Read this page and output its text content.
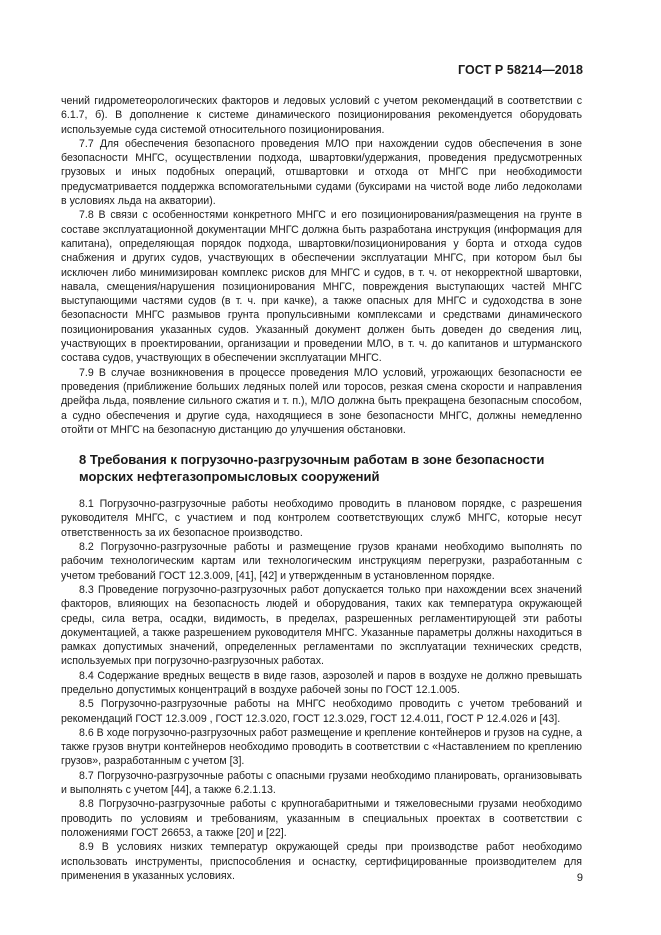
ГОСТ Р 58214—2018

чений гидрометеорологических факторов и ледовых условий с учетом рекомендаций в соответствии с 6.1.7, б). В дополнение к системе динамического позиционирования рекомендуется оборудовать используемые суда системой относительного позиционирования.

7.7 Для обеспечения безопасного проведения МЛО при нахождении судов обеспечения в зоне безопасности МНГС, осуществлении подхода, швартовки/удержания, проведения предусмотренных грузовых и иных подобных операций, отшвартовки и отхода от МНГС при необходимости предусматривается поддержка вспомогательными судами (буксирами на чистой воде либо ледоколами в условиях льда на акватории).

7.8 В связи с особенностями конкретного МНГС и его позиционирования/размещения на грунте в составе эксплуатационной документации МНГС должна быть разработана инструкция (информация для капитана), определяющая порядок подхода, швартовки/позиционирования у борта и отхода судов снабжения и других судов, участвующих в обеспечении эксплуатации МНГС, при котором был бы исключен либо минимизирован комплекс рисков для МНГС и судов, в т. ч. от некорректной швартовки, навала, смещения/нарушения позиционирования МНГС, повреждения выступающих частей МНГС выступающими частями судов (в т. ч. при качке), а также опасных для МНГС и судоходства в зоне безопасности МНГС размывов грунта пропульсивными комплексами и средствами динамического позиционирования указанных судов. Указанный документ должен быть доведен до сведения лиц, участвующих в проектировании, организации и проведении МЛО, в т. ч. до капитанов и штурманского состава судов, участвующих в обеспечении эксплуатации МНГС.

7.9 В случае возникновения в процессе проведения МЛО условий, угрожающих безопасности ее проведения (приближение больших ледяных полей или торосов, резкая смена скорости и направления дрейфа льда, появление сильного сжатия и т. п.), МЛО должна быть прекращена безопасным способом, а судно обеспечения и другие суда, находящиеся в зоне безопасности МНГС, должны немедленно отойти от МНГС на безопасную дистанцию до улучшения обстановки.

8 Требования к погрузочно-разгрузочным работам в зоне безопасности морских нефтегазопромысловых сооружений

8.1 Погрузочно-разгрузочные работы необходимо проводить в плановом порядке, с разрешения руководителя МНГС, с участием и под контролем соответствующих служб МНГС, которые несут ответственность за их безопасное производство.

8.2 Погрузочно-разгрузочные работы и размещение грузов кранами необходимо выполнять по рабочим технологическим картам или технологическим инструкциям перегрузки, разработанным с учетом требований ГОСТ 12.3.009, [41], [42] и утвержденным в установленном порядке.

8.3 Проведение погрузочно-разгрузочных работ допускается только при нахождении всех значений факторов, влияющих на безопасность людей и оборудования, таких как температура окружающей среды, сила ветра, осадки, видимость, в пределах, разрешенных регламентирующей эти работы документацией, а также разрешением руководителя МНГС. Указанные параметры должны находиться в рамках допустимых значений, определенных регламентами по эксплуатации технических средств, используемых при погрузочно-разгрузочных работах.

8.4 Содержание вредных веществ в виде газов, аэрозолей и паров в воздухе не должно превышать предельно допустимых концентраций в воздухе рабочей зоны по ГОСТ 12.1.005.

8.5 Погрузочно-разгрузочные работы на МНГС необходимо проводить с учетом требований и рекомендаций ГОСТ 12.3.009 , ГОСТ 12.3.020, ГОСТ 12.3.029, ГОСТ 12.4.011, ГОСТ Р 12.4.026 и [43].

8.6 В ходе погрузочно-разгрузочных работ размещение и крепление контейнеров и грузов на судне, а также грузов внутри контейнеров необходимо проводить в соответствии с «Наставлением по креплению грузов», разработанным с учетом [3].

8.7 Погрузочно-разгрузочные работы с опасными грузами необходимо планировать, организовывать и выполнять с учетом [44], а также 6.2.1.13.

8.8 Погрузочно-разгрузочные работы с крупногабаритными и тяжеловесными грузами необходимо проводить по условиям и требованиям, указанным в специальных проектах в соответствии с положениями ГОСТ 26653, а также [20] и [22].

8.9 В условиях низких температур окружающей среды при производстве работ необходимо использовать инструменты, приспособления и оснастку, сертифицированные производителем для применения в указанных условиях.	9
